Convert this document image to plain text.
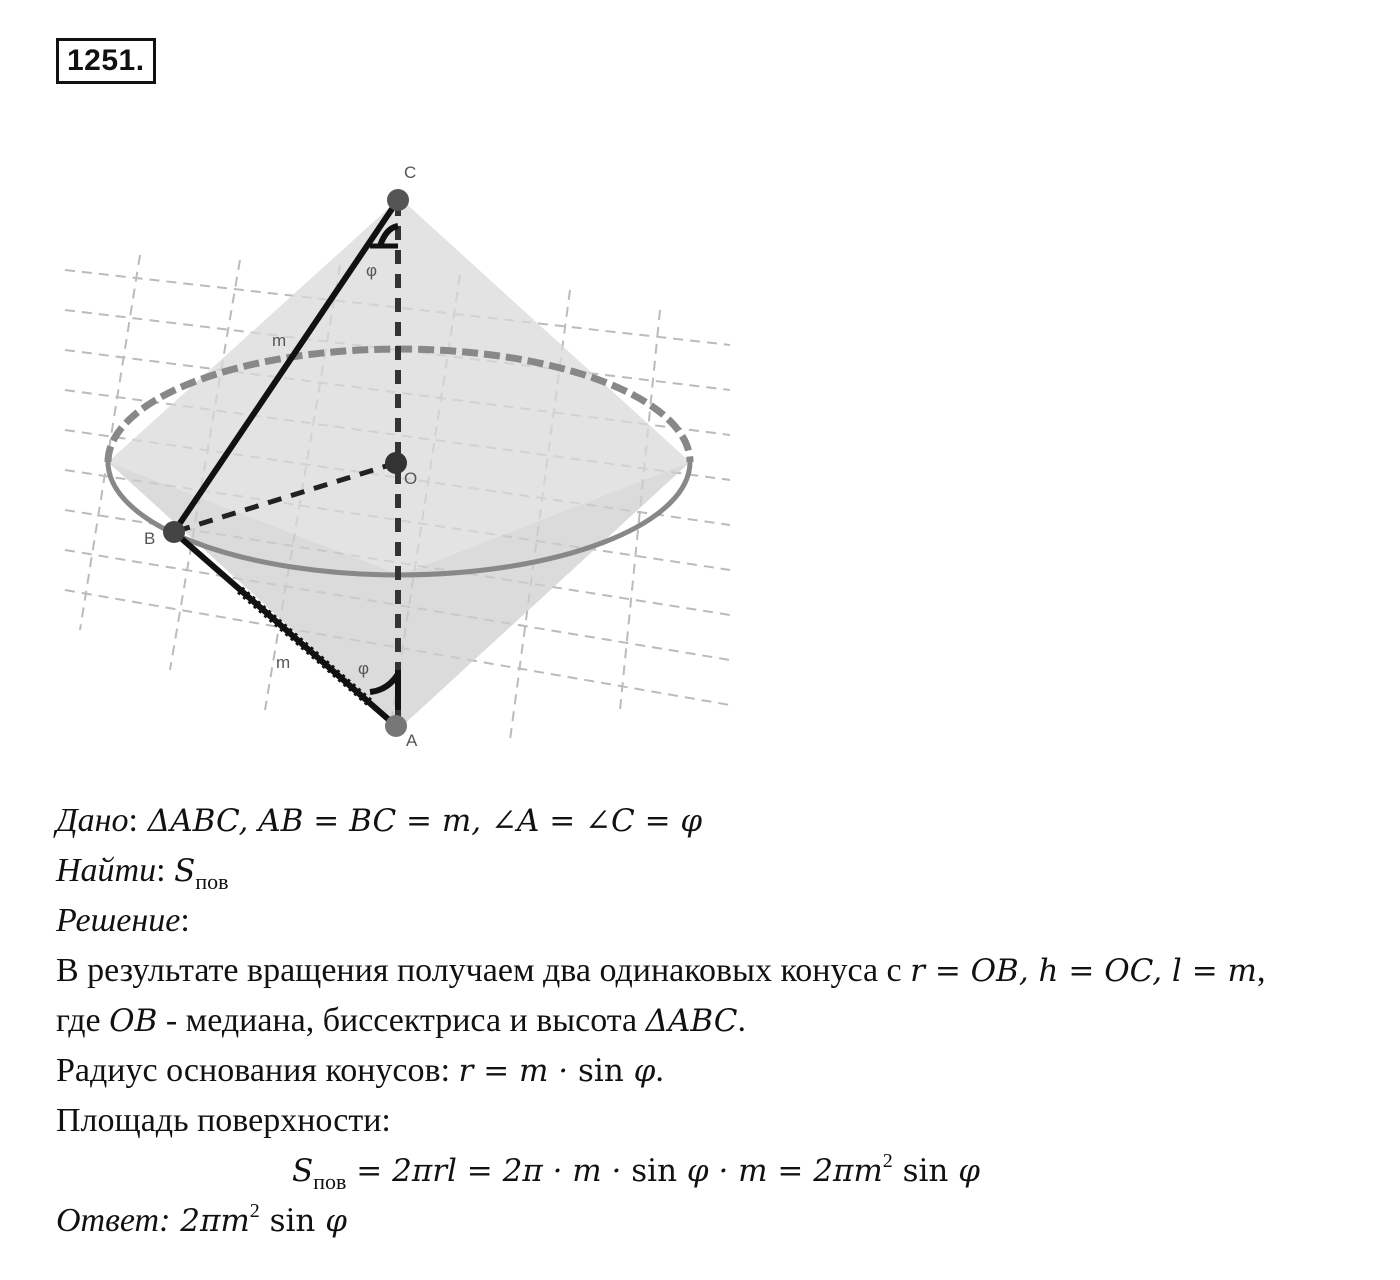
1251.
C
O
B
A
m
m
φ
φ
Дано: ΔABC, AB = BC = m, ∠A = ∠C = φ
Найти: $S_{пов}$
Решение:
В результате вращения получаем два одинаковых конуса с r = OB, h = OC, l = m,
где OB - медиана, биссектриса и высота ΔABC.
Радиус основания конусов: r = m · sin φ.
Площадь поверхности:
$S_{пов} = 2\pi rl = 2\pi \cdot m \cdot \sin \varphi \cdot m = 2\pi m^2$ sin φ
Ответ: $2\pi m^2$ sin φ
